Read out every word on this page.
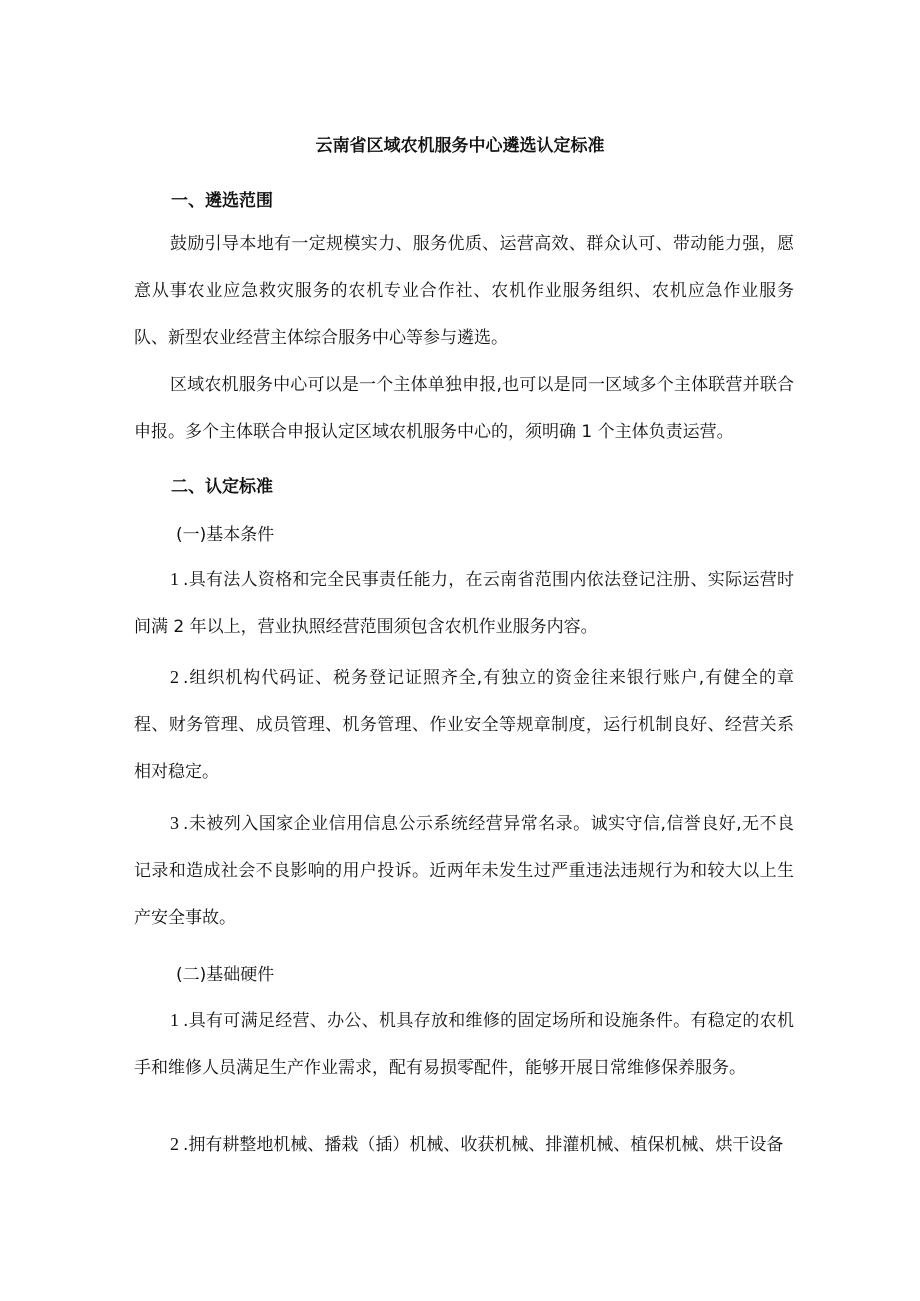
云南省区域农机服务中心遴选认定标准
一、遴选范围
鼓励引导本地有一定规模实力、服务优质、运营高效、群众认可、带动能力强，愿意从事农业应急救灾服务的农机专业合作社、农机作业服务组织、农机应急作业服务队、新型农业经营主体综合服务中心等参与遴选。
区域农机服务中心可以是一个主体单独申报,也可以是同一区域多个主体联营并联合申报。多个主体联合申报认定区域农机服务中心的，须明确 1 个主体负责运营。
二、认定标准
(一)基本条件
1 .具有法人资格和完全民事责任能力，在云南省范围内依法登记注册、实际运营时间满 2 年以上，营业执照经营范围须包含农机作业服务内容。
2 .组织机构代码证、税务登记证照齐全,有独立的资金往来银行账户,有健全的章程、财务管理、成员管理、机务管理、作业安全等规章制度，运行机制良好、经营关系相对稳定。
3 .未被列入国家企业信用信息公示系统经营异常名录。诚实守信,信誉良好,无不良记录和造成社会不良影响的用户投诉。近两年未发生过严重违法违规行为和较大以上生产安全事故。
(二)基础硬件
1 .具有可满足经营、办公、机具存放和维修的固定场所和设施条件。有稳定的农机手和维修人员满足生产作业需求，配有易损零配件，能够开展日常维修保养服务。
2 .拥有耕整地机械、播栽（插）机械、收获机械、排灌机械、植保机械、烘干设备
